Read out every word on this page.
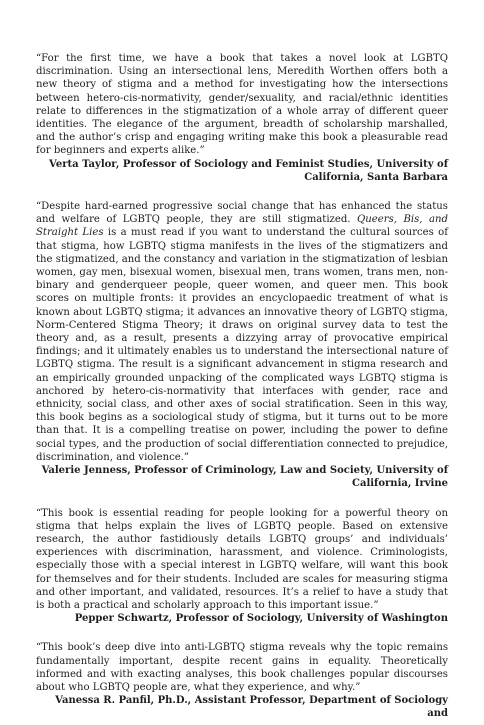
“For the first time, we have a book that takes a novel look at LGBTQ discrimination. Using an intersectional lens, Meredith Worthen offers both a new theory of stigma and a method for investigating how the intersections between hetero-cis-normativity, gender/sexuality, and racial/ethnic identities relate to differences in the stigmatization of a whole array of different queer identities. The elegance of the argument, breadth of scholarship marshalled, and the author’s crisp and engaging writing make this book a pleasurable read for beginners and experts alike.”

Verta Taylor, Professor of Sociology and Feminist Studies, University of California, Santa Barbara

“Despite hard-earned progressive social change that has enhanced the status and welfare of LGBTQ people, they are still stigmatized. Queers, Bis, and Straight Lies is a must read if you want to understand the cultural sources of that stigma, how LGBTQ stigma manifests in the lives of the stigmatizers and the stigmatized, and the constancy and variation in the stigmatization of lesbian women, gay men, bisexual women, bisexual men, trans women, trans men, non-binary and genderqueer people, queer women, and queer men. This book scores on multiple fronts: it provides an encyclopaedic treatment of what is known about LGBTQ stigma; it advances an innovative theory of LGBTQ stigma, Norm-Centered Stigma Theory; it draws on original survey data to test the theory and, as a result, presents a dizzying array of provocative empirical findings; and it ultimately enables us to understand the intersectional nature of LGBTQ stigma. The result is a significant advancement in stigma research and an empirically grounded unpacking of the complicated ways LGBTQ stigma is anchored by hetero-cis-normativity that interfaces with gender, race and ethnicity, social class, and other axes of social stratification. Seen in this way, this book begins as a sociological study of stigma, but it turns out to be more than that. It is a compelling treatise on power, including the power to define social types, and the production of social differentiation connected to prejudice, discrimination, and violence.”

Valerie Jenness, Professor of Criminology, Law and Society, University of California, Irvine

“This book is essential reading for people looking for a powerful theory on stigma that helps explain the lives of LGBTQ people. Based on extensive research, the author fastidiously details LGBTQ groups’ and individuals’ experiences with discrimination, harassment, and violence. Criminologists, especially those with a special interest in LGBTQ welfare, will want this book for themselves and for their students. Included are scales for measuring stigma and other important, and validated, resources. It’s a relief to have a study that is both a practical and scholarly approach to this important issue.”

Pepper Schwartz, Professor of Sociology, University of Washington

“This book’s deep dive into anti-LGBTQ stigma reveals why the topic remains fundamentally important, despite recent gains in equality. Theoretically informed and with exacting analyses, this book challenges popular discourses about who LGBTQ people are, what they experience, and why.”

Vanessa R. Panfil, Ph.D., Assistant Professor, Department of Sociology and
